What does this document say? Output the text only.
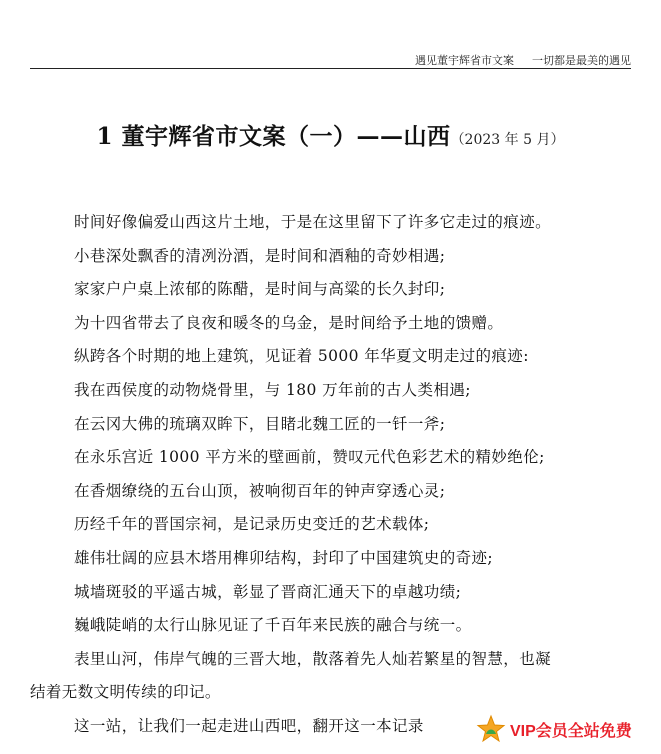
遇见董宇辉省市文案 一切都是最美的遇见
1 董宇辉省市文案（一）——山西（2023 年 5 月）
时间好像偏爱山西这片土地，于是在这里留下了许多它走过的痕迹。
小巷深处飘香的清冽汾酒，是时间和酒釉的奇妙相遇;
家家户户桌上浓郁的陈醋，是时间与高粱的长久封印;
为十四省带去了良夜和暖冬的乌金，是时间给予土地的馈赠。
纵跨各个时期的地上建筑，见证着 5000 年华夏文明走过的痕迹:
我在西侯度的动物烧骨里，与 180 万年前的古人类相遇;
在云冈大佛的琉璃双眸下，目睹北魏工匠的一钎一斧;
在永乐宫近 1000 平方米的壁画前，赞叹元代色彩艺术的精妙绝伦;
在香烟缭绕的五台山顶，被响彻百年的钟声穿透心灵;
历经千年的晋国宗祠，是记录历史变迁的艺术载体;
雄伟壮阔的应县木塔用榫卯结构，封印了中国建筑史的奇迹;
城墙斑驳的平遥古城，彰显了晋商汇通天下的卓越功绩;
巍峨陡峭的太行山脉见证了千百年来民族的融合与统一。
表里山河，伟岸气魄的三晋大地，散落着先人灿若繁星的智慧，也凝
结着无数文明传续的印记。
这一站，让我们一起走进山西吧，翻开这一本记录	VIP会员全站免费
